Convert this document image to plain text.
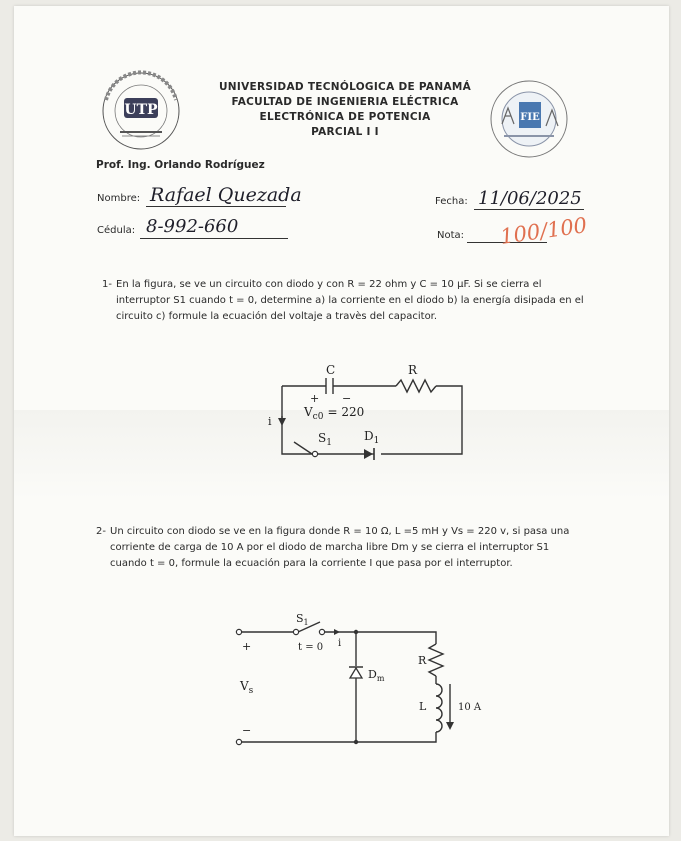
UTP	FIE
UNIVERSIDAD TECNÓLOGICA DE PANAMÁ
FACULTAD DE INGENIERIA ELÉCTRICA
ELECTRÓNICA DE POTENCIA
PARCIAL I I
Prof. Ing. Orlando Rodríguez
Nombre: Rafael Quezada	Fecha: 11/06/2025
Cédula: 8-992-660	Nota: 100/100
1- En la figura, se ve un circuito con diodo y con R = 22 ohm y C = 10 µF. Si se cierra el interruptor S1 cuando t = 0, determine a) la corriente en el diodo b) la energía disipada en el circuito c) formule la ecuación del voltaje a travès del capacitor.
C	R
+ −
i
$V_{c0} = 220$
$S_1$	$D_1$
2- Un circuito con diodo se ve en la figura donde R = 10 Ω, L =5 mH y Vs = 220 v, si pasa una corriente de carga de 10 A por el diodo de marcha libre Dm y se cierra el interruptor S1 cuando t = 0, formule la ecuación para la corriente I que pasa por el interruptor.
$S_1$
t = 0 i
+
$V_s$
−
$D_m$
R
L	10 A
